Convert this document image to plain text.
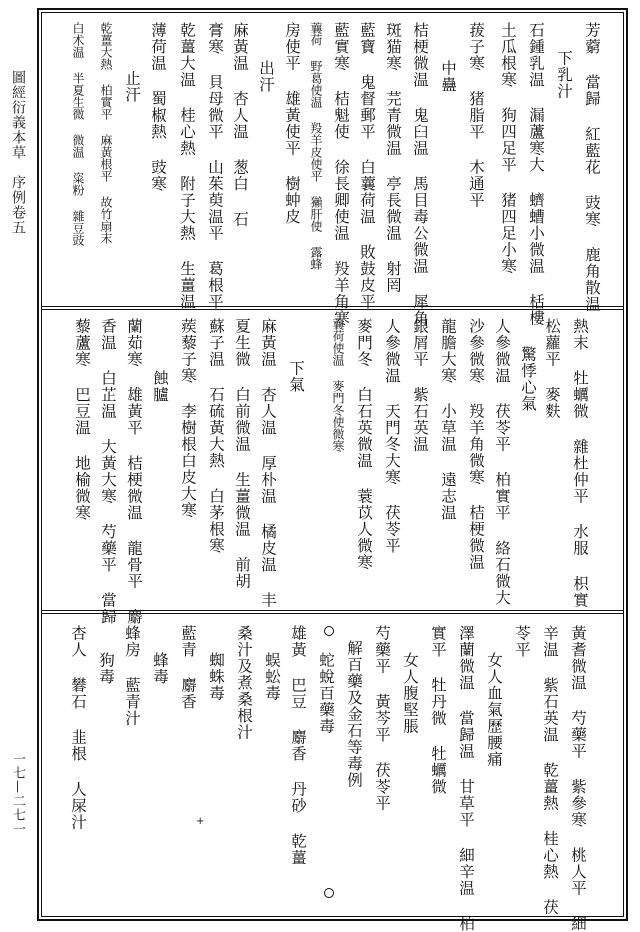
圖經衍義本草　序例卷五
一七—二七一
芳藭 當歸 紅藍花 豉寒 鹿角散温
下乳汁
石鍾乳温 漏蘆寒大 蠐螬小微温 栝樓
土瓜根寒 狗四足平 猪四足小寒
菝子寒 猪脂平 木通平
中蠱
桔梗微温 鬼臼温 馬目毒公微温 犀角
斑猫寒 芫青微温 亭長微温 射罔
藍寶 鬼督郵平 白蘘荷温 敗鼓皮平
藍實寒 桔魁使 徐長卿使温 羖羊角寒
蘘荷 野葛使温 羖羊皮使平 獺肝使 露蜂
房使平 雄黃使平 樹蚛皮
出汗
麻黃温 杏人温 葱白 石
膏寒 貝母微平 山茱萸温平 葛根平
乾薑大温 桂心熱 附子大熱 生薑温
薄荷温 蜀椒熱 豉寒
止汗
乾薑大熱 柏實平 麻黃根平 故竹扇末
白术温 半夏生微 微温 粢粉 雜豆豉
熱末 牡蠣微 雜杜仲平 水服 枳實
松蘿平 麥麩
驚悸心氣
人參微温 茯苓平 柏實平 絡石微大
沙參微寒 羖羊角微寒 桔梗微温
龍膽大寒 小草温 遠志温
銀屑平 紫石英温
人參微温 天門冬大寒 茯苓平
麥門冬 白石英微温 蓑苡人微寒
蘘荷使温 麥門冬使微寒
下氣
麻黃温 杏人温 厚朴温 橘皮温 丰
夏生微 白前微温 生薑微温 前胡
蘇子温 石硫黃大熱 白茅根寒
蒺藜子寒 李樹根白皮大寒
蝕臚
蘭茹寒 雄黃平 桔梗微温 龍骨平 麝
香温 白芷温 大黃大寒 芍藥平 當歸
藜蘆寒 巴豆温 地榆微寒
黃耆微温 芍藥平 紫參寒 桃人平 細
辛温 紫石英温 乾薑熱 桂心熱 茯
苓平
女人血氣歷腰痛
澤蘭微温 當歸温 甘草平 細辛温 柏
實平 牡丹微 牡蠣微
女人腹堅脹
芍藥平 黃芩平 茯苓平
解百藥及金石等毒例
蛇蛻百藥毒
雄黃 巴豆 麝香 丹砂 乾薑
蜈蚣毒
桑汁及煮桑根汁
蜘蛛毒
藍青 麝香
蜂毒
蜂房 藍青汁
狗毒
杏人 礬石 韭根 人屎汁	+
